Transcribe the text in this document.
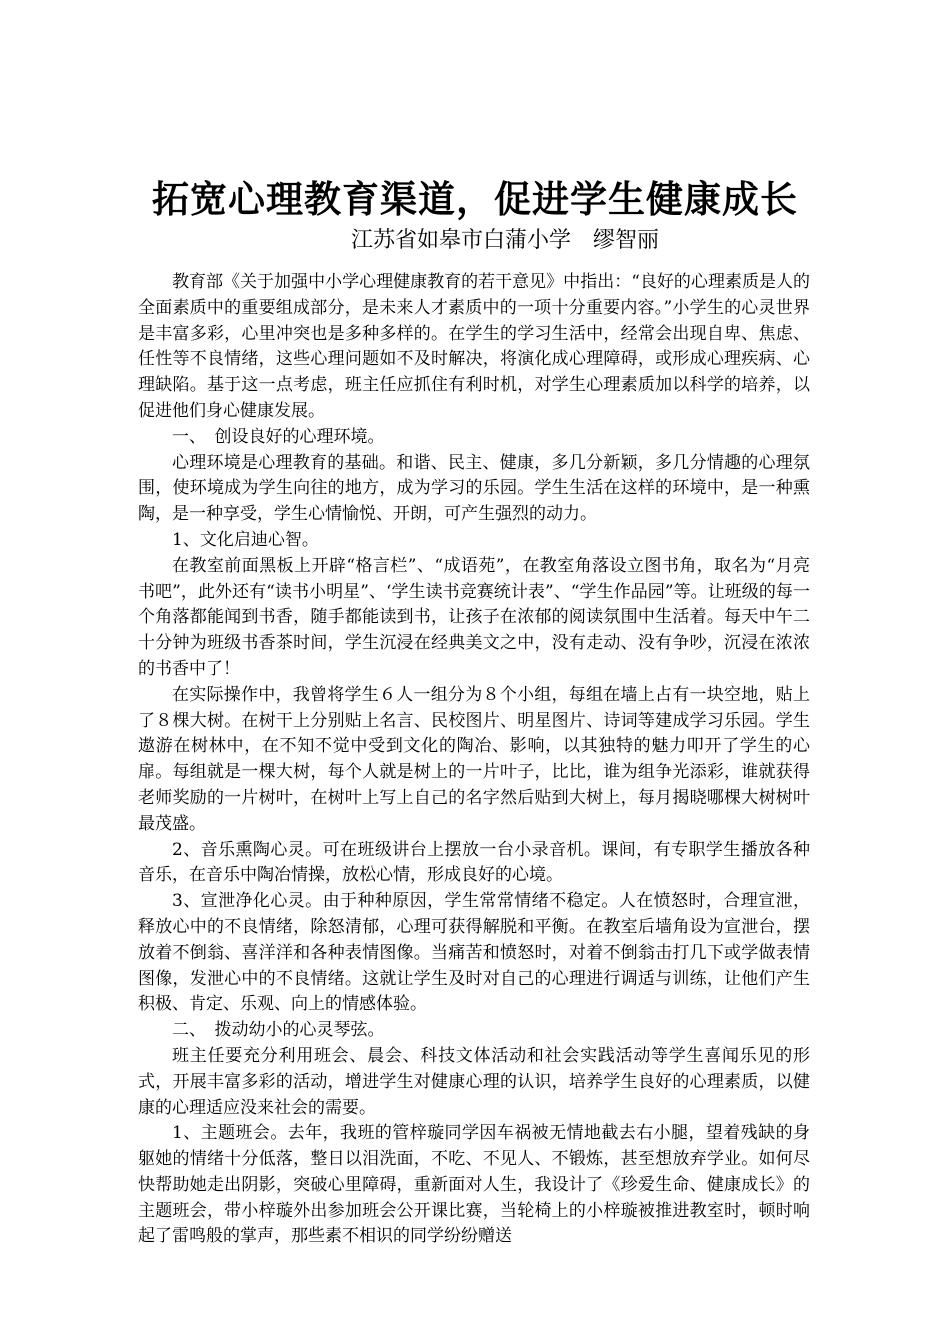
拓宽心理教育渠道，促进学生健康成长
江苏省如皋市白蒲小学　缪智丽

教育部《关于加强中小学心理健康教育的若干意见》中指出：“良好的心理素质是人的全面素质中的重要组成部分，是未来人才素质中的一项十分重要内容。”小学生的心灵世界是丰富多彩，心里冲突也是多种多样的。在学生的学习生活中，经常会出现自卑、焦虑、任性等不良情绪，这些心理问题如不及时解决，将演化成心理障碍，或形成心理疾病、心理缺陷。基于这一点考虑，班主任应抓住有利时机，对学生心理素质加以科学的培养，以促进他们身心健康发展。

一、　创设良好的心理环境。

心理环境是心理教育的基础。和谐、民主、健康，多几分新颖，多几分情趣的心理氛围，使环境成为学生向往的地方，成为学习的乐园。学生生活在这样的环境中，是一种熏陶，是一种享受，学生心情愉悦、开朗，可产生强烈的动力。

1、文化启迪心智。

在教室前面黑板上开辟“格言栏”、“成语苑”，在教室角落设立图书角，取名为“月亮书吧”，此外还有“读书小明星”、‘学生读书竞赛统计表”、“学生作品园”等。让班级的每一个角落都能闻到书香，随手都能读到书，让孩子在浓郁的阅读氛围中生活着。每天中午二十分钟为班级书香茶时间，学生沉浸在经典美文之中，没有走动、没有争吵，沉浸在浓浓的书香中了！

在实际操作中，我曾将学生６人一组分为８个小组，每组在墙上占有一块空地，贴上了８棵大树。在树干上分别贴上名言、民校图片、明星图片、诗词等建成学习乐园。学生遨游在树林中，在不知不觉中受到文化的陶冶、影响，以其独特的魅力叩开了学生的心扉。每组就是一棵大树，每个人就是树上的一片叶子，比比，谁为组争光添彩，谁就获得老师奖励的一片树叶，在树叶上写上自己的名字然后贴到大树上，每月揭晓哪棵大树树叶最茂盛。

2、音乐熏陶心灵。可在班级讲台上摆放一台小录音机。课间，有专职学生播放各种音乐，在音乐中陶冶情操，放松心情，形成良好的心境。

3、宣泄净化心灵。由于种种原因，学生常常情绪不稳定。人在愤怒时，合理宣泄，释放心中的不良情绪，除怒清郁，心理可获得解脱和平衡。在教室后墙角设为宣泄台，摆放着不倒翁、喜洋洋和各种表情图像。当痛苦和愤怒时，对着不倒翁击打几下或学做表情图像，发泄心中的不良情绪。这就让学生及时对自己的心理进行调适与训练，让他们产生积极、肯定、乐观、向上的情感体验。

二、　拨动幼小的心灵琴弦。

班主任要充分利用班会、晨会、科技文体活动和社会实践活动等学生喜闻乐见的形式，开展丰富多彩的活动，增进学生对健康心理的认识，培养学生良好的心理素质，以健康的心理适应没来社会的需要。

1、主题班会。去年，我班的管梓璇同学因车祸被无情地截去右小腿，望着残缺的身躯她的情绪十分低落，整日以泪洗面，不吃、不见人、不锻炼，甚至想放弃学业。如何尽快帮助她走出阴影，突破心里障碍，重新面对人生，我设计了《珍爱生命、健康成长》的主题班会，带小梓璇外出参加班会公开课比赛，当轮椅上的小梓璇被推进教室时，顿时响起了雷鸣般的掌声，那些素不相识的同学纷纷赠送
